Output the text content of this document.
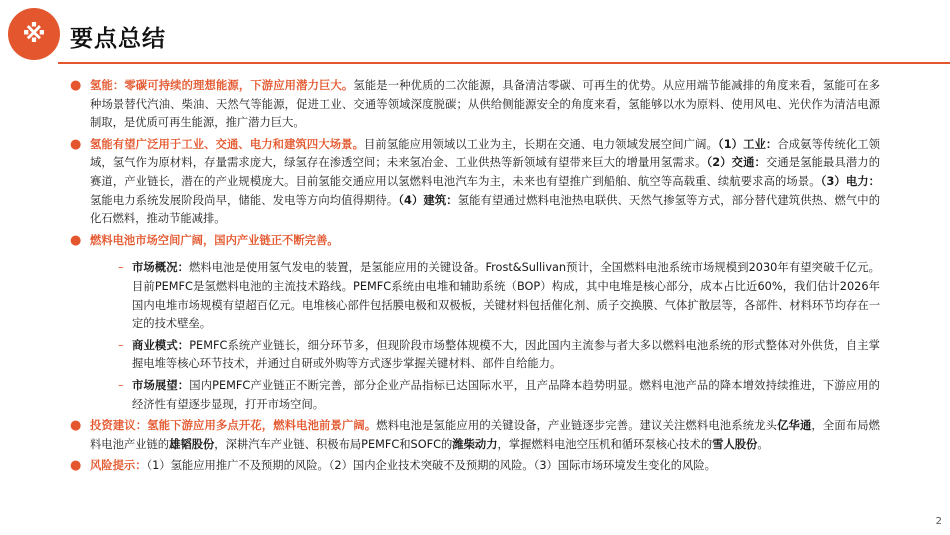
※	要点总结

● 氢能：零碳可持续的理想能源，下游应用潜力巨大。氢能是一种优质的二次能源，具备清洁零碳、可再生的优势。从应用端节能减排的角度来看，氢能可在多种场景替代汽油、柴油、天然气等能源，促进工业、交通等领域深度脱碳；从供给侧能源安全的角度来看，氢能够以水为原料、使用风电、光伏作为清洁电源制取，是优质可再生能源，推广潜力巨大。

● 氢能有望广泛用于工业、交通、电力和建筑四大场景。目前氢能应用领域以工业为主，长期在交通、电力领域发展空间广阔。（1）工业：合成氨等传统化工领域，氢气作为原材料，存量需求庞大，绿氢存在渗透空间；未来氢冶金、工业供热等新领域有望带来巨大的增量用氢需求。（2）交通：交通是氢能最具潜力的赛道，产业链长，潜在的产业规模庞大。目前氢能交通应用以氢燃料电池汽车为主，未来也有望推广到船舶、航空等高载重、续航要求高的场景。（3）电力：氢能电力系统发展阶段尚早，储能、发电等方向均值得期待。（4）建筑：氢能有望通过燃料电池热电联供、天然气掺氢等方式，部分替代建筑供热、燃气中的化石燃料，推动节能减排。

● 燃料电池市场空间广阔，国内产业链正不断完善。

– 市场概况：燃料电池是使用氢气发电的装置，是氢能应用的关键设备。Frost&Sullivan预计，全国燃料电池系统市场规模到2030年有望突破千亿元。目前PEMFC是氢燃料电池的主流技术路线。PEMFC系统由电堆和辅助系统（BOP）构成，其中电堆是核心部分，成本占比近60%，我们估计2026年国内电堆市场规模有望超百亿元。电堆核心部件包括膜电极和双极板，关键材料包括催化剂、质子交换膜、气体扩散层等，各部件、材料环节均存在一定的技术壁垒。

– 商业模式：PEMFC系统产业链长，细分环节多，但现阶段市场整体规模不大，因此国内主流参与者大多以燃料电池系统的形式整体对外供货，自主掌握电堆等核心环节技术，并通过自研或外购等方式逐步掌握关键材料、部件自给能力。

– 市场展望：国内PEMFC产业链正不断完善，部分企业产品指标已达国际水平，且产品降本趋势明显。燃料电池产品的降本增效持续推进，下游应用的经济性有望逐步显现，打开市场空间。

● 投资建议：氢能下游应用多点开花，燃料电池前景广阔。燃料电池是氢能应用的关键设备，产业链逐步完善。建议关注燃料电池系统龙头亿华通，全面布局燃料电池产业链的雄韬股份，深耕汽车产业链、积极布局PEMFC和SOFC的潍柴动力，掌握燃料电池空压机和循环泵核心技术的雪人股份。

● 风险提示：（1）氢能应用推广不及预期的风险。（2）国内企业技术突破不及预期的风险。（3）国际市场环境发生变化的风险。

2
